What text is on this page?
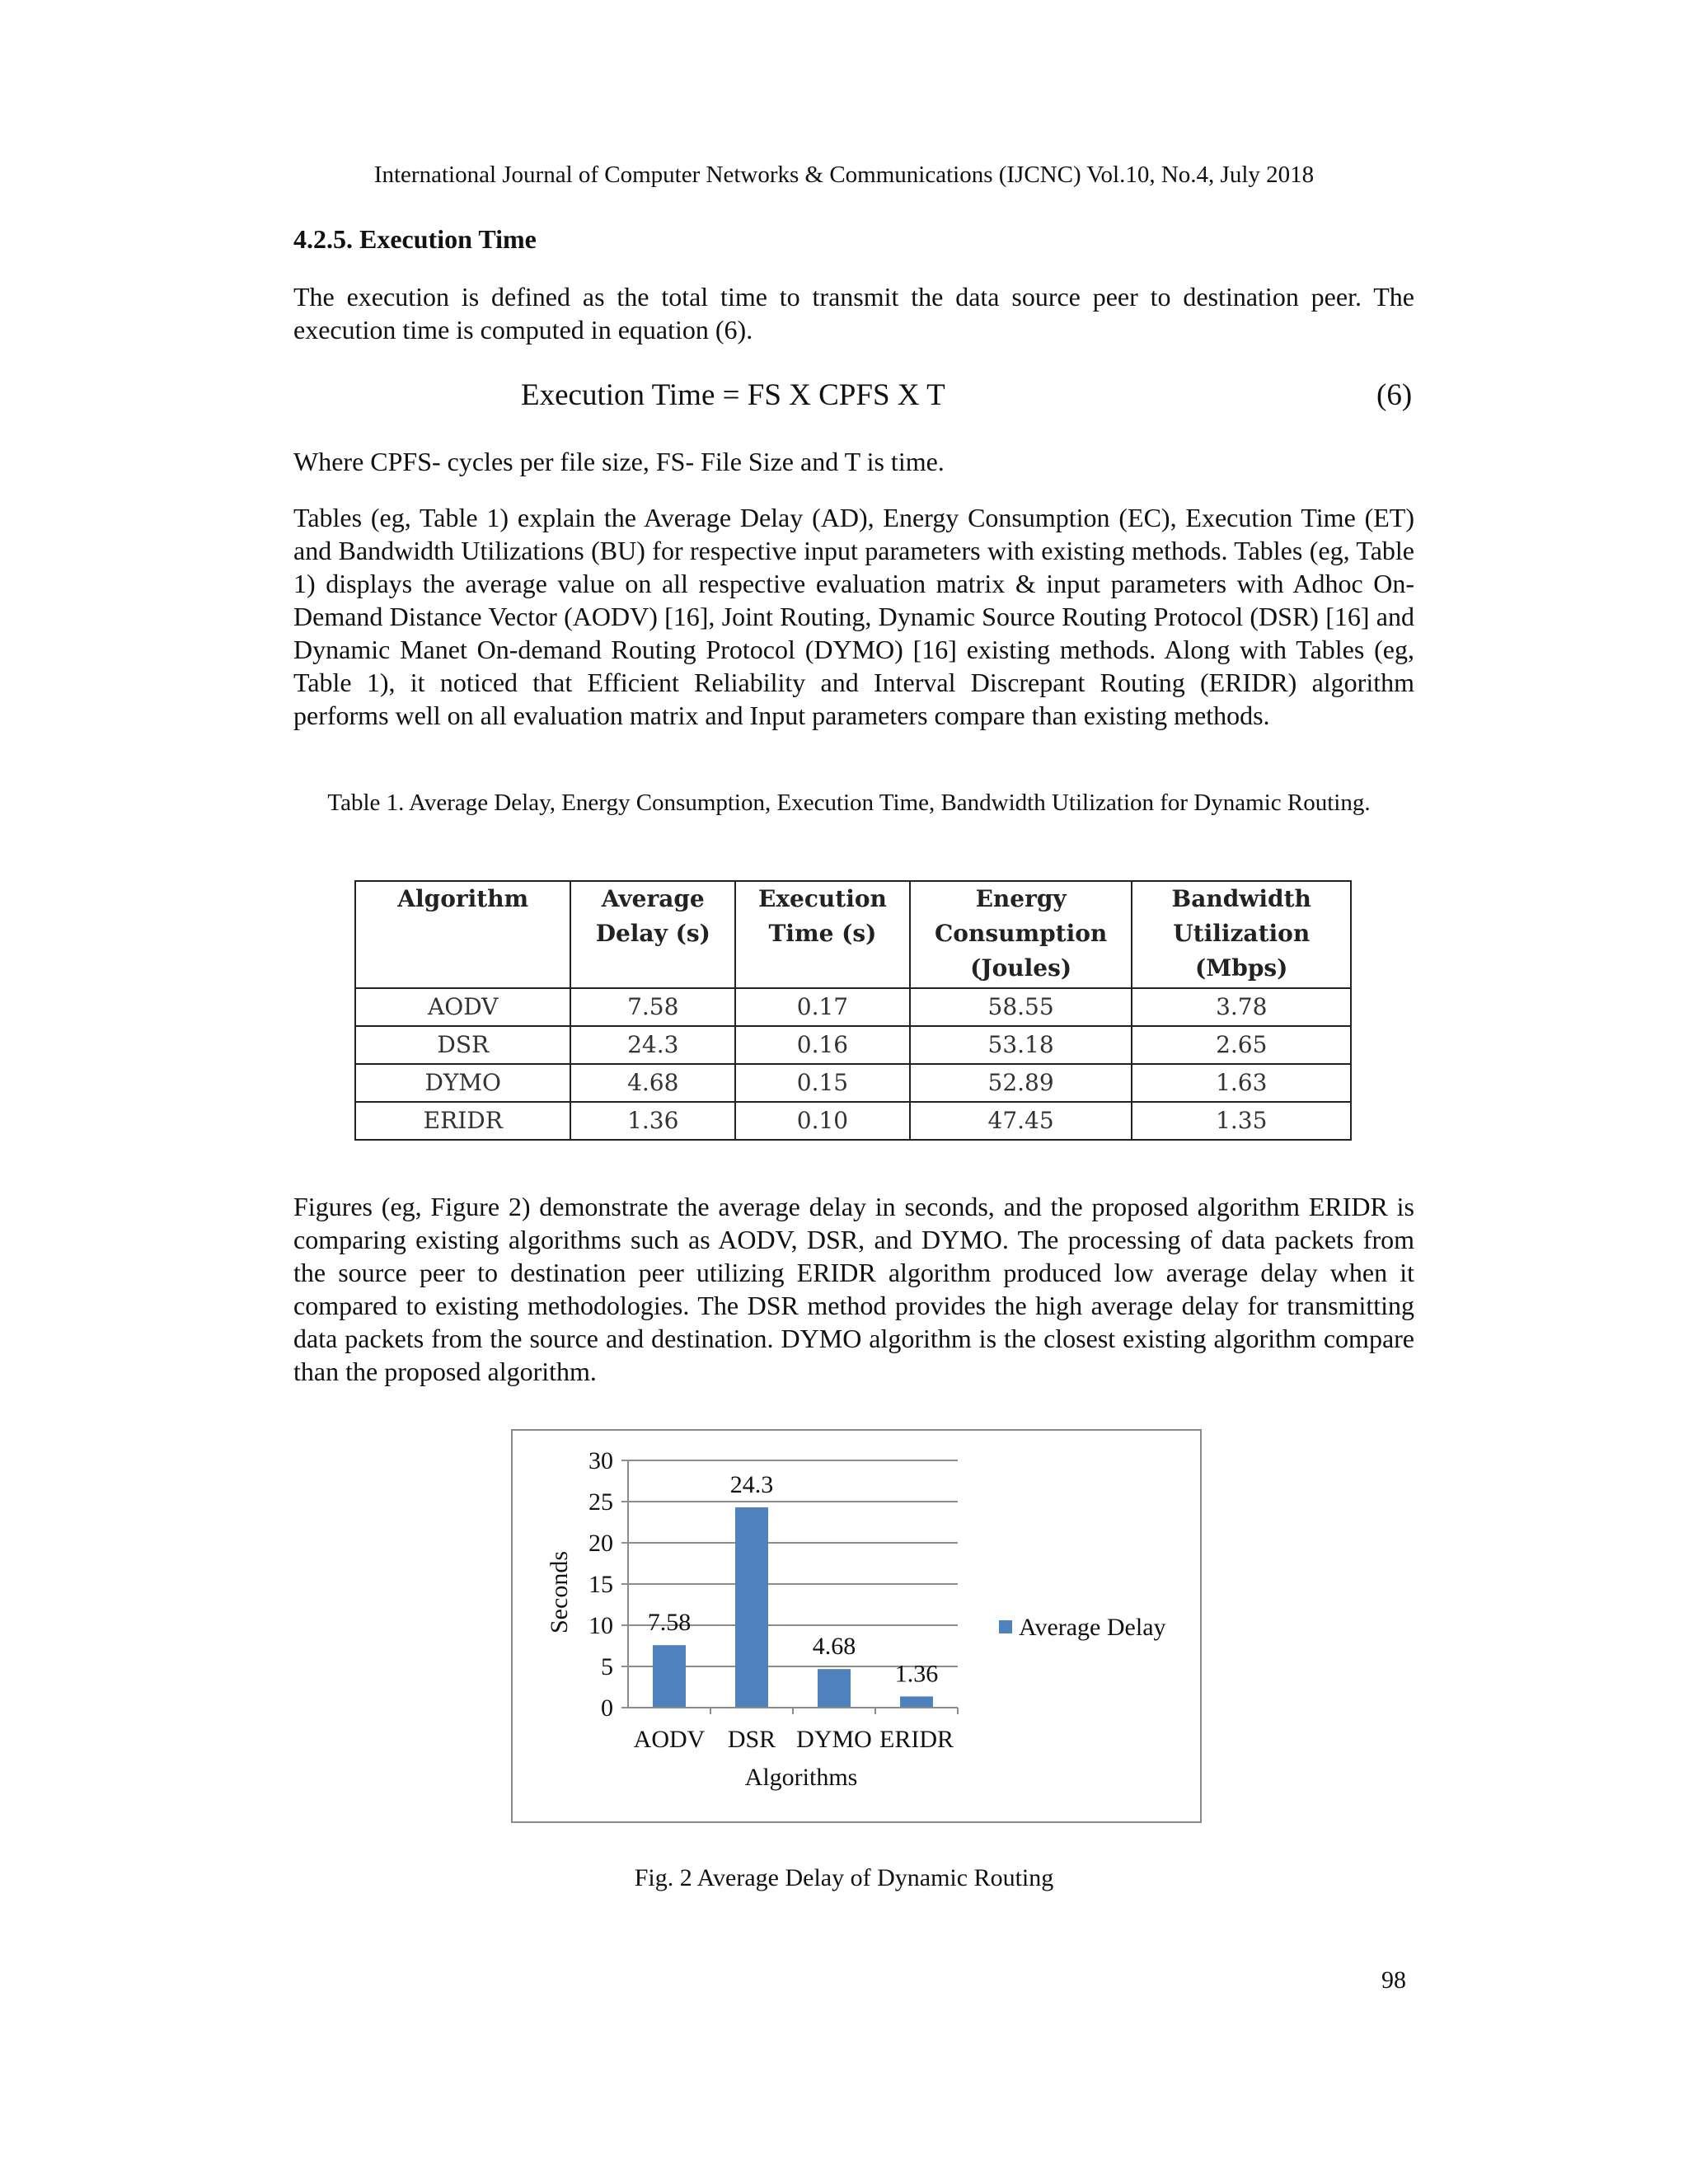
International Journal of Computer Networks & Communications (IJCNC) Vol.10, No.4, July 2018
4.2.5. Execution Time
The execution is defined as the total time to transmit the data source peer to destination peer. The execution time is computed in equation (6).
Execution Time = FS X CPFS X T	(6)
Where CPFS- cycles per file size, FS- File Size and T is time.
Tables (eg, Table 1) explain the Average Delay (AD), Energy Consumption (EC), Execution Time (ET) and Bandwidth Utilizations (BU) for respective input parameters with existing methods. Tables (eg, Table 1) displays the average value on all respective evaluation matrix & input parameters with Adhoc On-Demand Distance Vector (AODV) [16], Joint Routing, Dynamic Source Routing Protocol (DSR) [16] and Dynamic Manet On-demand Routing Protocol (DYMO) [16] existing methods. Along with Tables (eg, Table 1), it noticed that Efficient Reliability and Interval Discrepant Routing (ERIDR) algorithm performs well on all evaluation matrix and Input parameters compare than existing methods.
Table 1. Average Delay, Energy Consumption, Execution Time, Bandwidth Utilization for Dynamic Routing.
Algorithm	Average Delay (s)	Execution Time (s)	Energy Consumption (Joules)	Bandwidth Utilization (Mbps)
AODV	7.58	0.17	58.55	3.78
DSR	24.3	0.16	53.18	2.65
DYMO	4.68	0.15	52.89	1.63
ERIDR	1.36	0.10	47.45	1.35
Figures (eg, Figure 2) demonstrate the average delay in seconds, and the proposed algorithm ERIDR is comparing existing algorithms such as AODV, DSR, and DYMO. The processing of data packets from the source peer to destination peer utilizing ERIDR algorithm produced low average delay when it compared to existing methodologies. The DSR method provides the high average delay for transmitting data packets from the source and destination. DYMO algorithm is the closest existing algorithm compare than the proposed algorithm.
0
5
10
15
20
25
30
7.58
AODV
24.3
DSR
4.68
DYMO
1.36
ERIDR
Algorithms
Seconds	Average Delay
Fig. 2 Average Delay of Dynamic Routing
98
